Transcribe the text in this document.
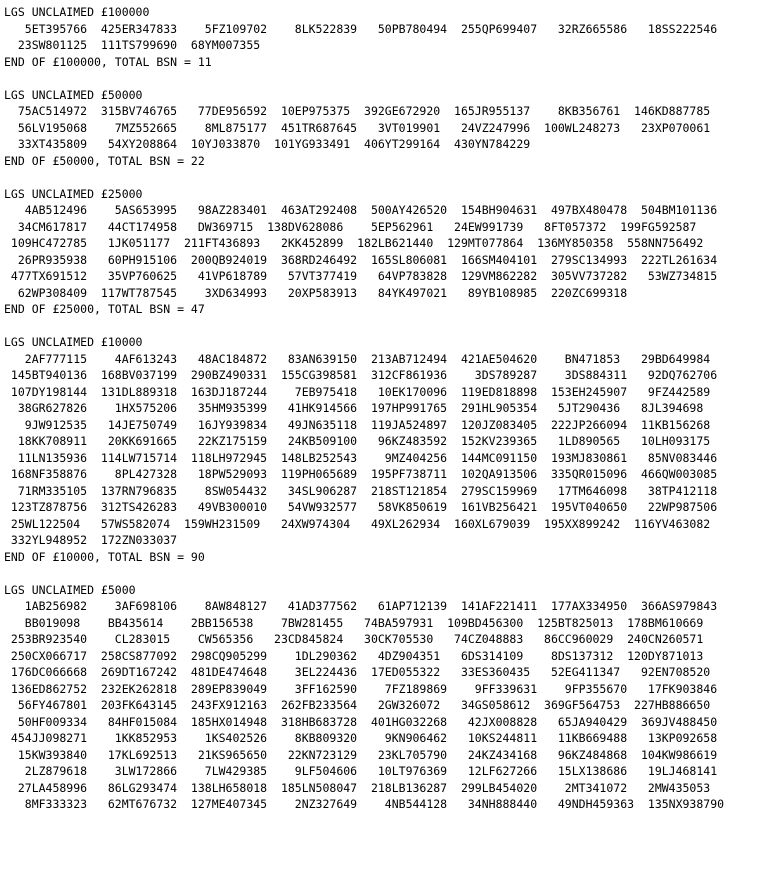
LGS UNCLAIMED £100000
5ET395766  425ER347833    5FZ109702    8LK522839   50PB780494  255QP699407   32RZ665586   18SS222546
23SW801125  111TS799690  68YM007355
END OF £100000, TOTAL BSN = 11
LGS UNCLAIMED £50000
75AC514972  315BV746765   77DE956592  10EP975375  392GE672920  165JR955137    8KB356761  146KD887785
56LV195068    7MZ552665    8ML875177  451TR687645   3VT019901   24VZ247996  100WL248273   23XP070061
33XT435809   54XY208864  10YJ033870  101YG933491  406YT299164  430YN784229
END OF £50000, TOTAL BSN = 22
LGS UNCLAIMED £25000
4AB512496    5AS653995   98AZ283401  463AT292408  500AY426520  154BH904631  497BX480478  504BM101136
34CM617817   44CT174958   DW369715  138DV628086    5EP562961   24EW991739   8FT057372  199FG592587
109HC472785   1JK051177  211FT436893   2KK452899  182LB621440  129MT077864  136MY850358  558NN756492
26PR935938   60PH915106  200QB924019  368RD246492  165SL806081  166SM404101  279SC134993  222TL261634
477TX691512   35VP760625   41VP618789   57VT377419   64VP783828  129VM862282  305VV737282   53WZ734815
62WP308409  117WT787545    3XD634993   20XP583913   84YK497021   89YB108985  220ZC699318
END OF £25000, TOTAL BSN = 47
LGS UNCLAIMED £10000
2AF777115    4AF613243   48AC184872   83AN639150  213AB712494  421AE504620    BN471853   29BD649984
145BT940136  168BV037199  290BZ490331  155CG398581  312CF861936    3DS789287    3DS884311   92DQ762706
107DY198144  131DL889318  163DJ187244    7EB975418   10EK170096  119ED818898  153EH245907   9FZ442589
38GR627826    1HX575206   35HM935399   41HK914566  197HP991765  291HL905354   5JT290436   8JL394698
9JW912535   14JE750749   16JY939834   49JN635118  119JA524897  120JZ083405  222JP266094  11KB156268
18KK708911   20KK691665   22KZ175159   24KB509100   96KZ483592  152KV239365   1LD890565   10LH093175
11LN135936  114LW715714  118LH972945  148LB252543    9MZ404256  144MC091150  193MJ830861   85NV083446
168NF358876    8PL427328   18PW529093  119PH065689  195PF738711  102QA913506  335QR015096  466QW003085
71RM335105  137RN796835    8SW054432   34SL906287  218ST121854  279SC159969   17TM646098   38TP412118
123TZ878756  312TS426283   49VB300010   54VW932577   58VK850619  161VB256421  195VT040650   22WP987506
25WL122504   57WS582074  159WH231509   24XW974304   49XL262934  160XL679039  195XX899242  116YV463082
332YL948952  172ZN033037
END OF £10000, TOTAL BSN = 90
LGS UNCLAIMED £5000
1AB256982    3AF698106    8AW848127   41AD377562   61AP712139  141AF221411  177AX334950  366AS979843
BB019098    BB435614    2BB156538    7BW281455   74BA597931  109BD456300  125BT825013  178BM610669
253BR923540    CL283015    CW565356   23CD845824   30CK705530   74CZ048883   86CC960029  240CN260571
250CX066717  258CS877092  298CQ905299    1DL290362   4DZ904351   6DS314109    8DS137312  120DY871013
176DC066668  269DT167242  481DE474648    3EL224436  17ED055322   33ES360435   52EG411347   92EN708520
136ED862752  232EK262818  289EP839049    3FF162590    7FZ189869    9FF339631    9FP355670   17FK903846
56FY467801  203FK643145  243FX912163  262FB233564   2GW326072   34GS058612  369GF564753  227HB886650
50HF009334   84HF015084  185HX014948  318HB683728  401HG032268   42JX008828   65JA940429  369JV488450
454JJ098271    1KK852953    1KS402526    8KB809320    9KN906462   10KS244811   11KB669488   13KP092658
15KW393840   17KL692513   21KS965650   22KN723129   23KL705790   24KZ434168   96KZ484868  104KW986619
2LZ879618    3LW172866    7LW429385    9LF504606   10LT976369   12LF627266   15LX138686   19LJ468141
27LA458996   86LG293474  138LH658018  185LN508047  218LB136287  299LB454020    2MT341072   2MW435053
8MF333323   62MT676732  127ME407345    2NZ327649    4NB544128   34NH888440   49NDH459363  135NX938790
